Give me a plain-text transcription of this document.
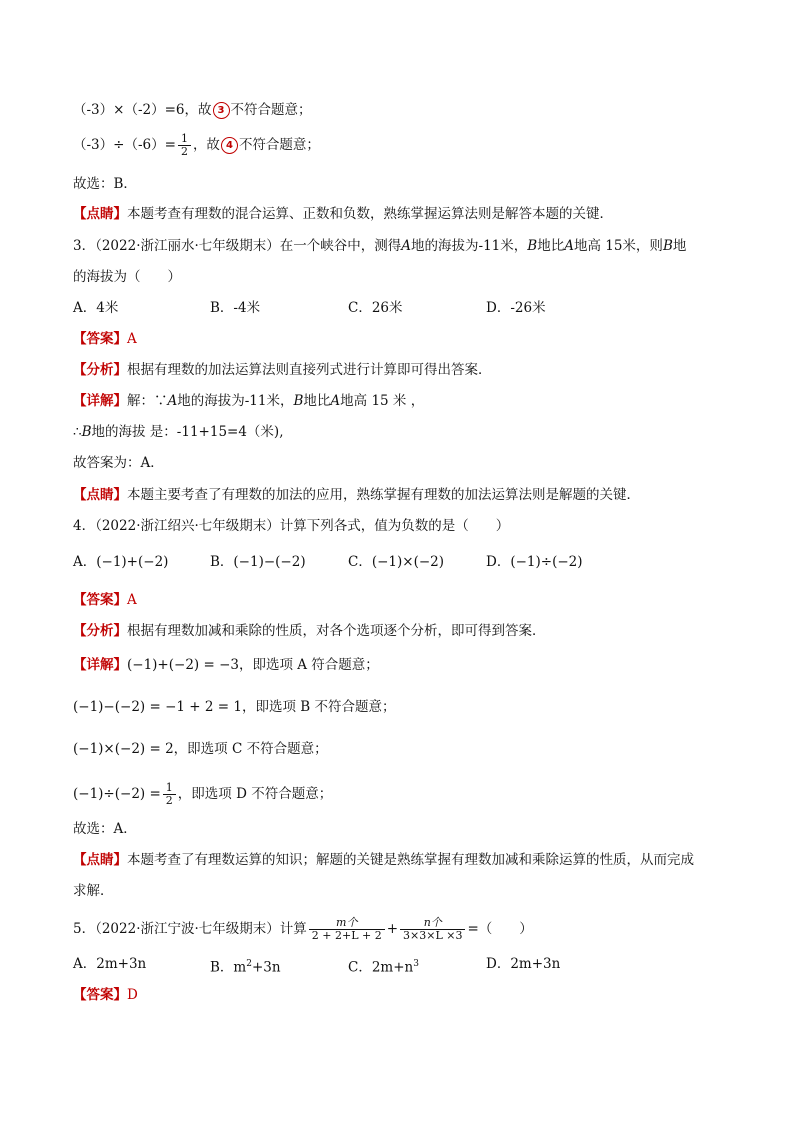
（-3）×（-2）=6，故 3 不符合题意；
$(-3)\div(-6)= \frac{1}{2}$ ，故 4 不符合题意；
故选：B．
【点睛】本题考查有理数的混合运算、正数和负数，熟练掌握运算法则是解答本题的关键．
3．（2022·浙江丽水·七年级期末）在一个峡谷中，测得A地的海拔为-11米，B地比A地高 15米，则B地
的海拔为（　　）
A．4米	B．-4米	C．26米	D．-26米
【答案】A
【分析】根据有理数的加法运算法则直接列式进行计算即可得出答案．
【详解】解：∵A地的海拔为-11米，B地比A地高 15 米 ，
∴B地的海拔 是：-11+15=4（米),
故答案为：A．
【点睛】本题主要考查了有理数的加法的应用，熟练掌握有理数的加法运算法则是解题的关键．
4．（2022·浙江绍兴·七年级期末）计算下列各式，值为负数的是（　　）
A．(−1)+(−2)	B．(−1)−(−2)	C．(−1)×(−2)	D．(−1)÷(−2)
【答案】A
【分析】根据有理数加减和乘除的性质，对各个选项逐个分析，即可得到答案．
【详解】(−1)+(−2) = −3，即选项 A 符合题意；
(−1)−(−2) = −1 + 2 = 1，即选项 B 不符合题意；
(−1)×(−2) = 2，即选项 C 不符合题意；
$(-1)\div(-2) = \frac{1}{2}$ ，即选项 D 不符合题意；
故选：A．
【点睛】本题考查了有理数运算的知识；解题的关键是熟练掌握有理数加减和乘除运算的性质，从而完成
求解．
5．（2022·浙江宁波·七年级期末）计算 $\frac{\text{m个}}{2 + 2+L + 2} + \frac{\text{n个}}{3\times 3\times L \times 3}$ =（　　）
A．2m+3n	B．$m^2+3n$	C．$2m+n^3$	D．2m+3n
【答案】D
